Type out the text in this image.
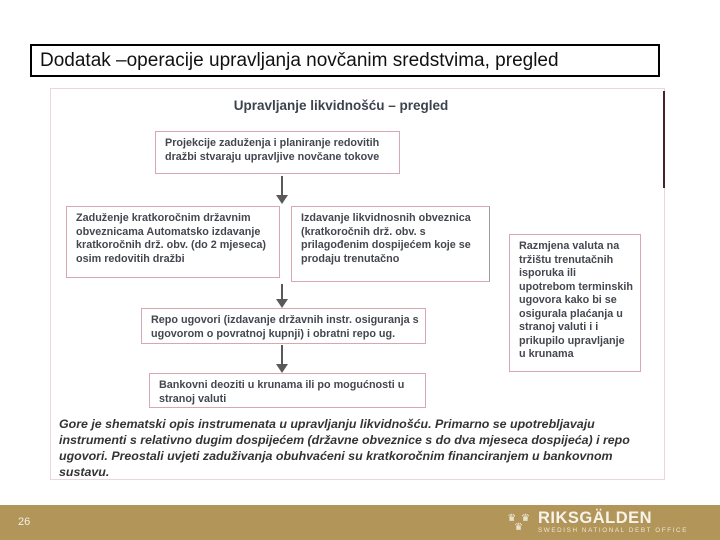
Dodatak –operacije upravljanja novčanim sredstvima, pregled
Upravljanje likvidnošću – pregled
Projekcije zaduženja i planiranje redovitih dražbi stvaraju upravljive novčane tokove
Zaduženje kratkoročnim državnim obveznicama Automatsko izdavanje kratkoročnih drž. obv. (do 2 mjeseca) osim redovitih dražbi
Izdavanje likvidnosnih obveznica (kratkoročnih drž. obv. s prilagođenim dospijećem koje se prodaju trenutačno
Razmjena valuta na tržištu trenutačnih isporuka ili upotrebom terminskih ugovora kako bi se osigurala plaćanja u stranoj valuti i i prikupilo upravljanje u krunama
Repo ugovori (izdavanje državnih instr. osiguranja s ugovorom o povratnoj kupnji) i obratni repo ug.
Bankovni deoziti u krunama ili po mogućnosti u stranoj valuti
Gore je shematski opis instrumenata u upravljanju likvidnošću. Primarno se upotrebljavaju instrumenti s relativno dugim dospijećem (državne obveznice s do dva mjeseca dospijeća) i repo ugovori. Preostali uvjeti zaduživanja obuhvaćeni su kratkoročnim financiranjem u bankovnom sustavu.
26	♛ ♛
♛ RIKSGÄLDEN
SWEDISH NATIONAL DEBT OFFICE
